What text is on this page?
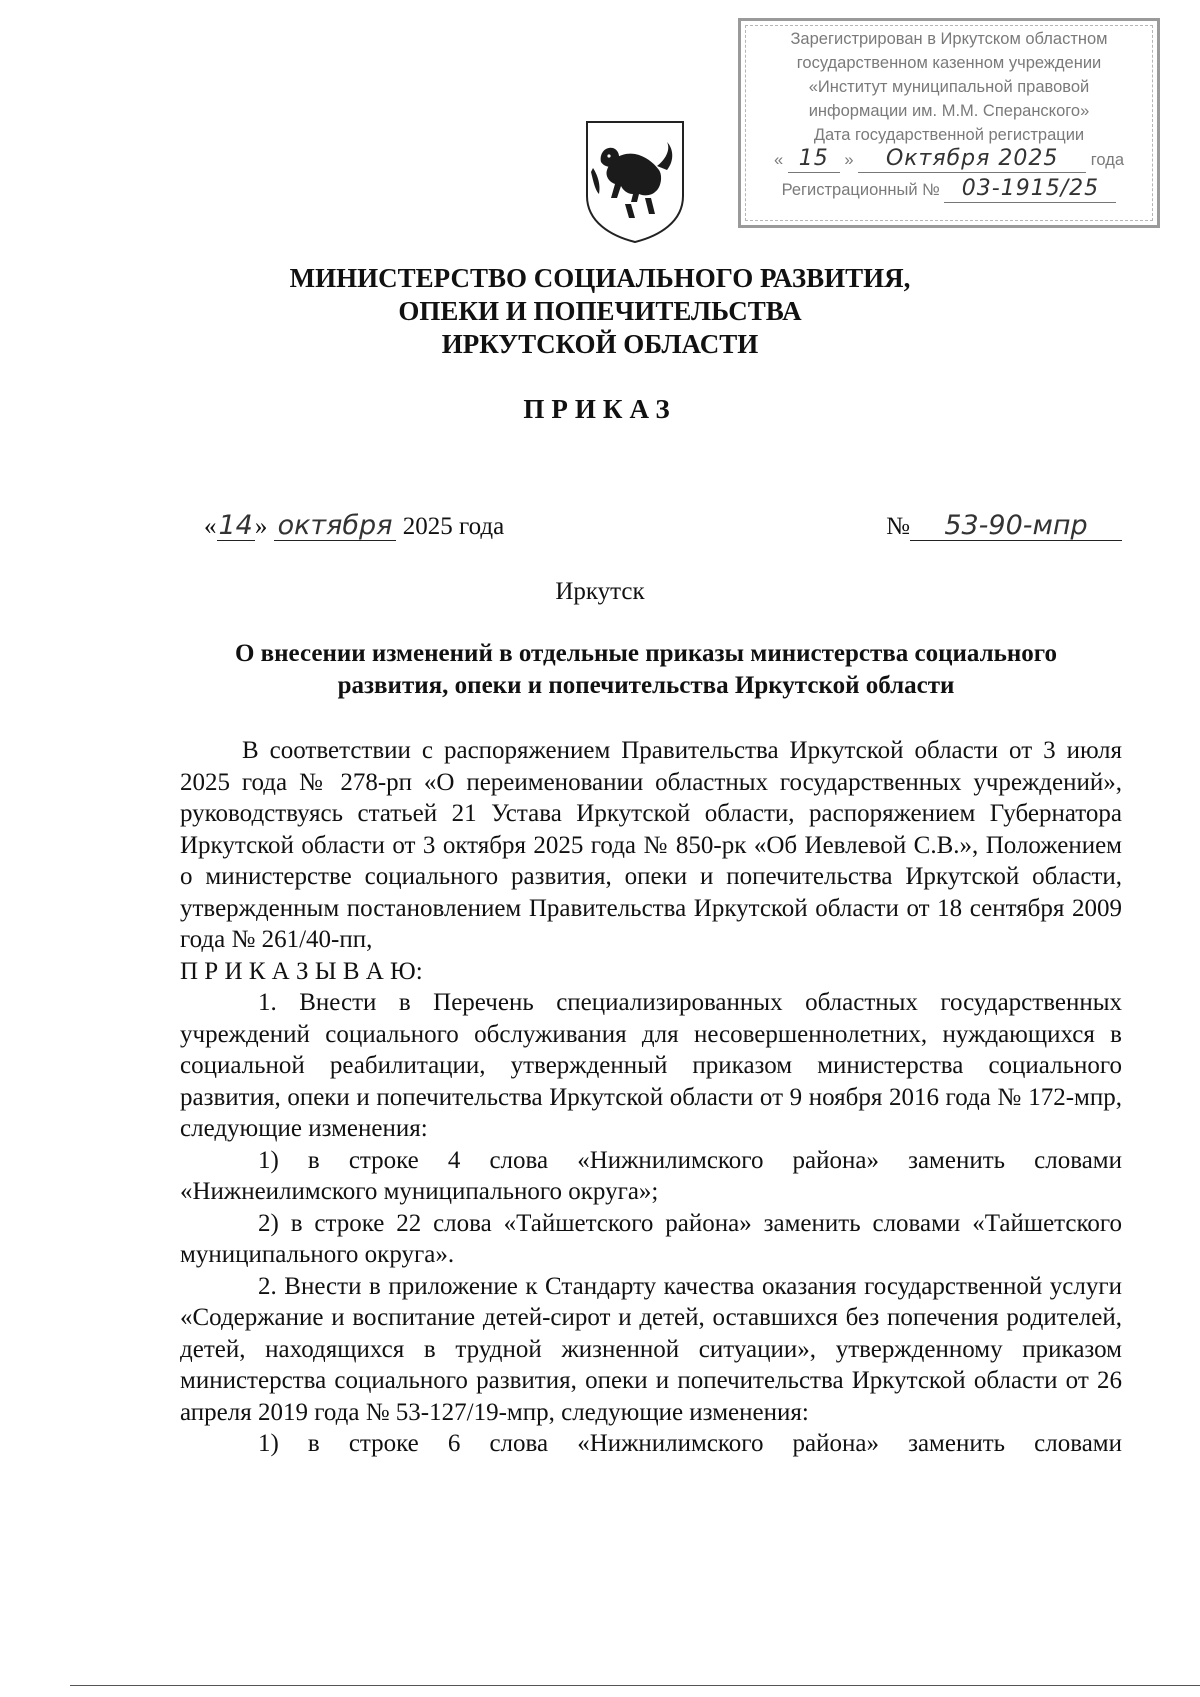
Зарегистрирован в Иркутском областном
государственном казенном учреждении
«Институт муниципальной правовой
информации им. М.М. Сперанского»
Дата государственной регистрации
« 15 » Октября 2025 года
Регистрационный № 03-1915/25
МИНИСТЕРСТВО СОЦИАЛЬНОГО РАЗВИТИЯ,
ОПЕКИ И ПОПЕЧИТЕЛЬСТВА
ИРКУТСКОЙ ОБЛАСТИ
ПРИКАЗ
«14» октября 2025 года	№ 53-90-мпр
Иркутск
О внесении изменений в отдельные приказы министерства социального
развития, опеки и попечительства Иркутской области

В соответствии с распоряжением Правительства Иркутской области от 3 июля 2025 года № 278-рп «О переименовании областных государственных учреждений», руководствуясь статьей 21 Устава Иркутской области, распоряжением Губернатора Иркутской области от 3 октября 2025 года № 850-рк «Об Иевлевой С.В.», Положением о министерстве социального развития, опеки и попечительства Иркутской области, утвержденным постановлением Правительства Иркутской области от 18 сентября 2009 года № 261/40-пп,

П Р И К А З Ы В А Ю:

1. Внести в Перечень специализированных областных государственных учреждений социального обслуживания для несовершеннолетних, нуждающихся в социальной реабилитации, утвержденный приказом министерства социального развития, опеки и попечительства Иркутской области от 9 ноября 2016 года № 172-мпр, следующие изменения:

1) в строке 4 слова «Нижнилимского района» заменить словами «Нижнеилимского муниципального округа»;

2) в строке 22 слова «Тайшетского района» заменить словами «Тайшетского муниципального округа».

2. Внести в приложение к Стандарту качества оказания государственной услуги «Содержание и воспитание детей-сирот и детей, оставшихся без попечения родителей, детей, находящихся в трудной жизненной ситуации», утвержденному приказом министерства социального развития, опеки и попечительства Иркутской области от 26 апреля 2019 года № 53-127/19-мпр, следующие изменения:

1) в строке 6 слова «Нижнилимского района» заменить словами
